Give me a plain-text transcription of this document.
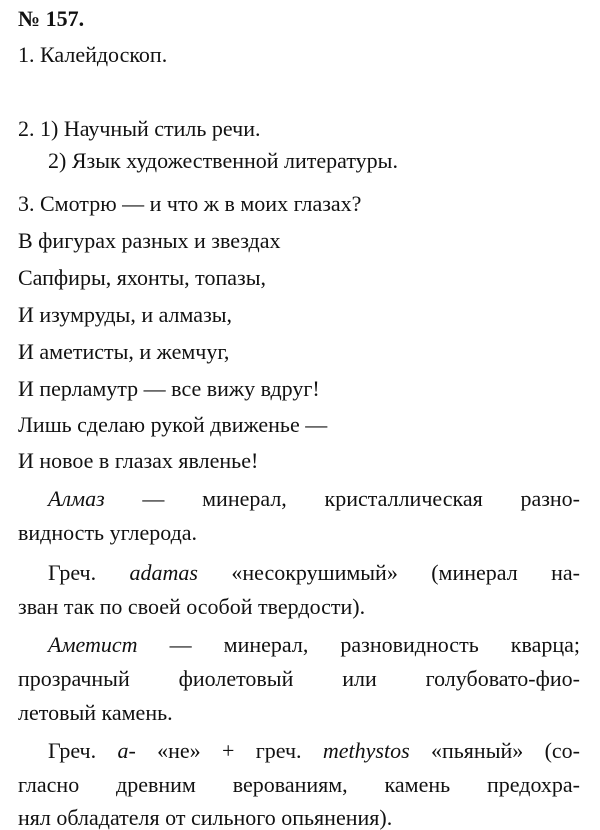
№ 157.
1. Калейдоскоп.
2. 1) Научный стиль речи.
2) Язык художественной литературы.
3. Смотрю — и что ж в моих глазах?
В фигурах разных и звездах
Сапфиры, яхонты, топазы,
И изумруды, и алмазы,
И аметисты, и жемчуг,
И перламутр — все вижу вдруг!
Лишь сделаю рукой движенье —
И новое в глазах явленье!
Алмаз — минерал, кристаллическая разно-
видность углерода.
Греч. adamas «несокрушимый» (минерал на-
зван так по своей особой твердости).
Аметист — минерал, разновидность кварца;
прозрачный фиолетовый или голубовато-фио-
летовый камень.
Греч. а- «не» + греч. methystos «пьяный» (со-
гласно древним верованиям, камень предохра-
нял обладателя от сильного опьянения).
